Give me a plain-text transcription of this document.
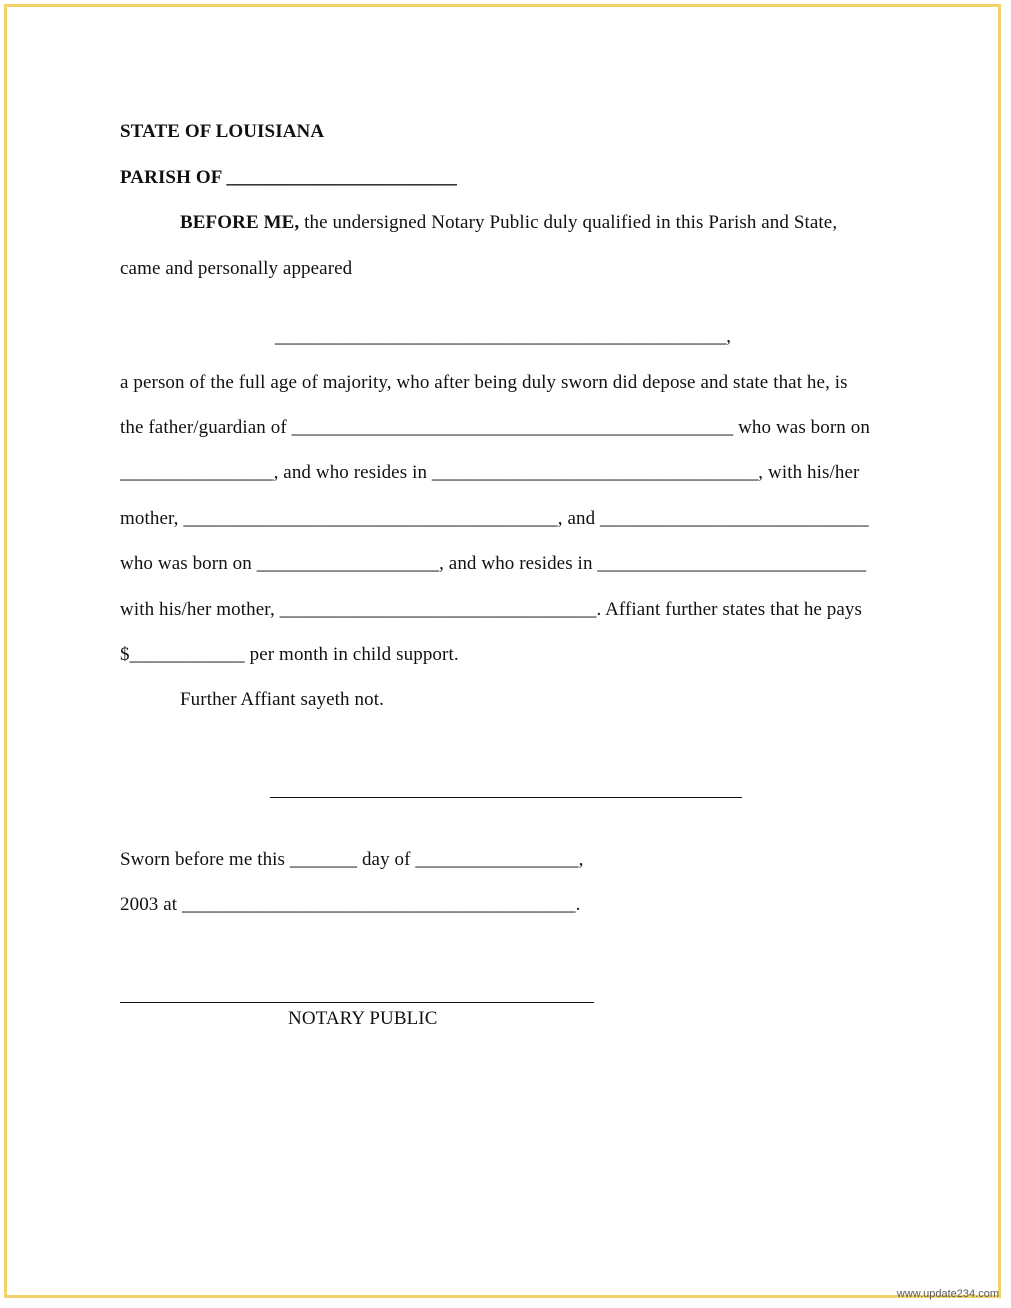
STATE OF LOUISIANA
PARISH OF ________________________
BEFORE ME, the undersigned Notary Public duly qualified in this Parish and State,
came and personally appeared
_______________________________________________,
a person of the full age of majority, who after being duly sworn did depose and state that he, is
the father/guardian of ______________________________________________ who was born on
________________, and who resides in __________________________________, with his/her
mother, _______________________________________, and ____________________________
who was born on ___________________, and who resides in ____________________________
with his/her mother, _________________________________. Affiant further states that he pays
$____________ per month in child support.
Further Affiant sayeth not.
Sworn before me this _______ day of _________________,
2003 at _________________________________________.
NOTARY PUBLIC
www.update234.com
